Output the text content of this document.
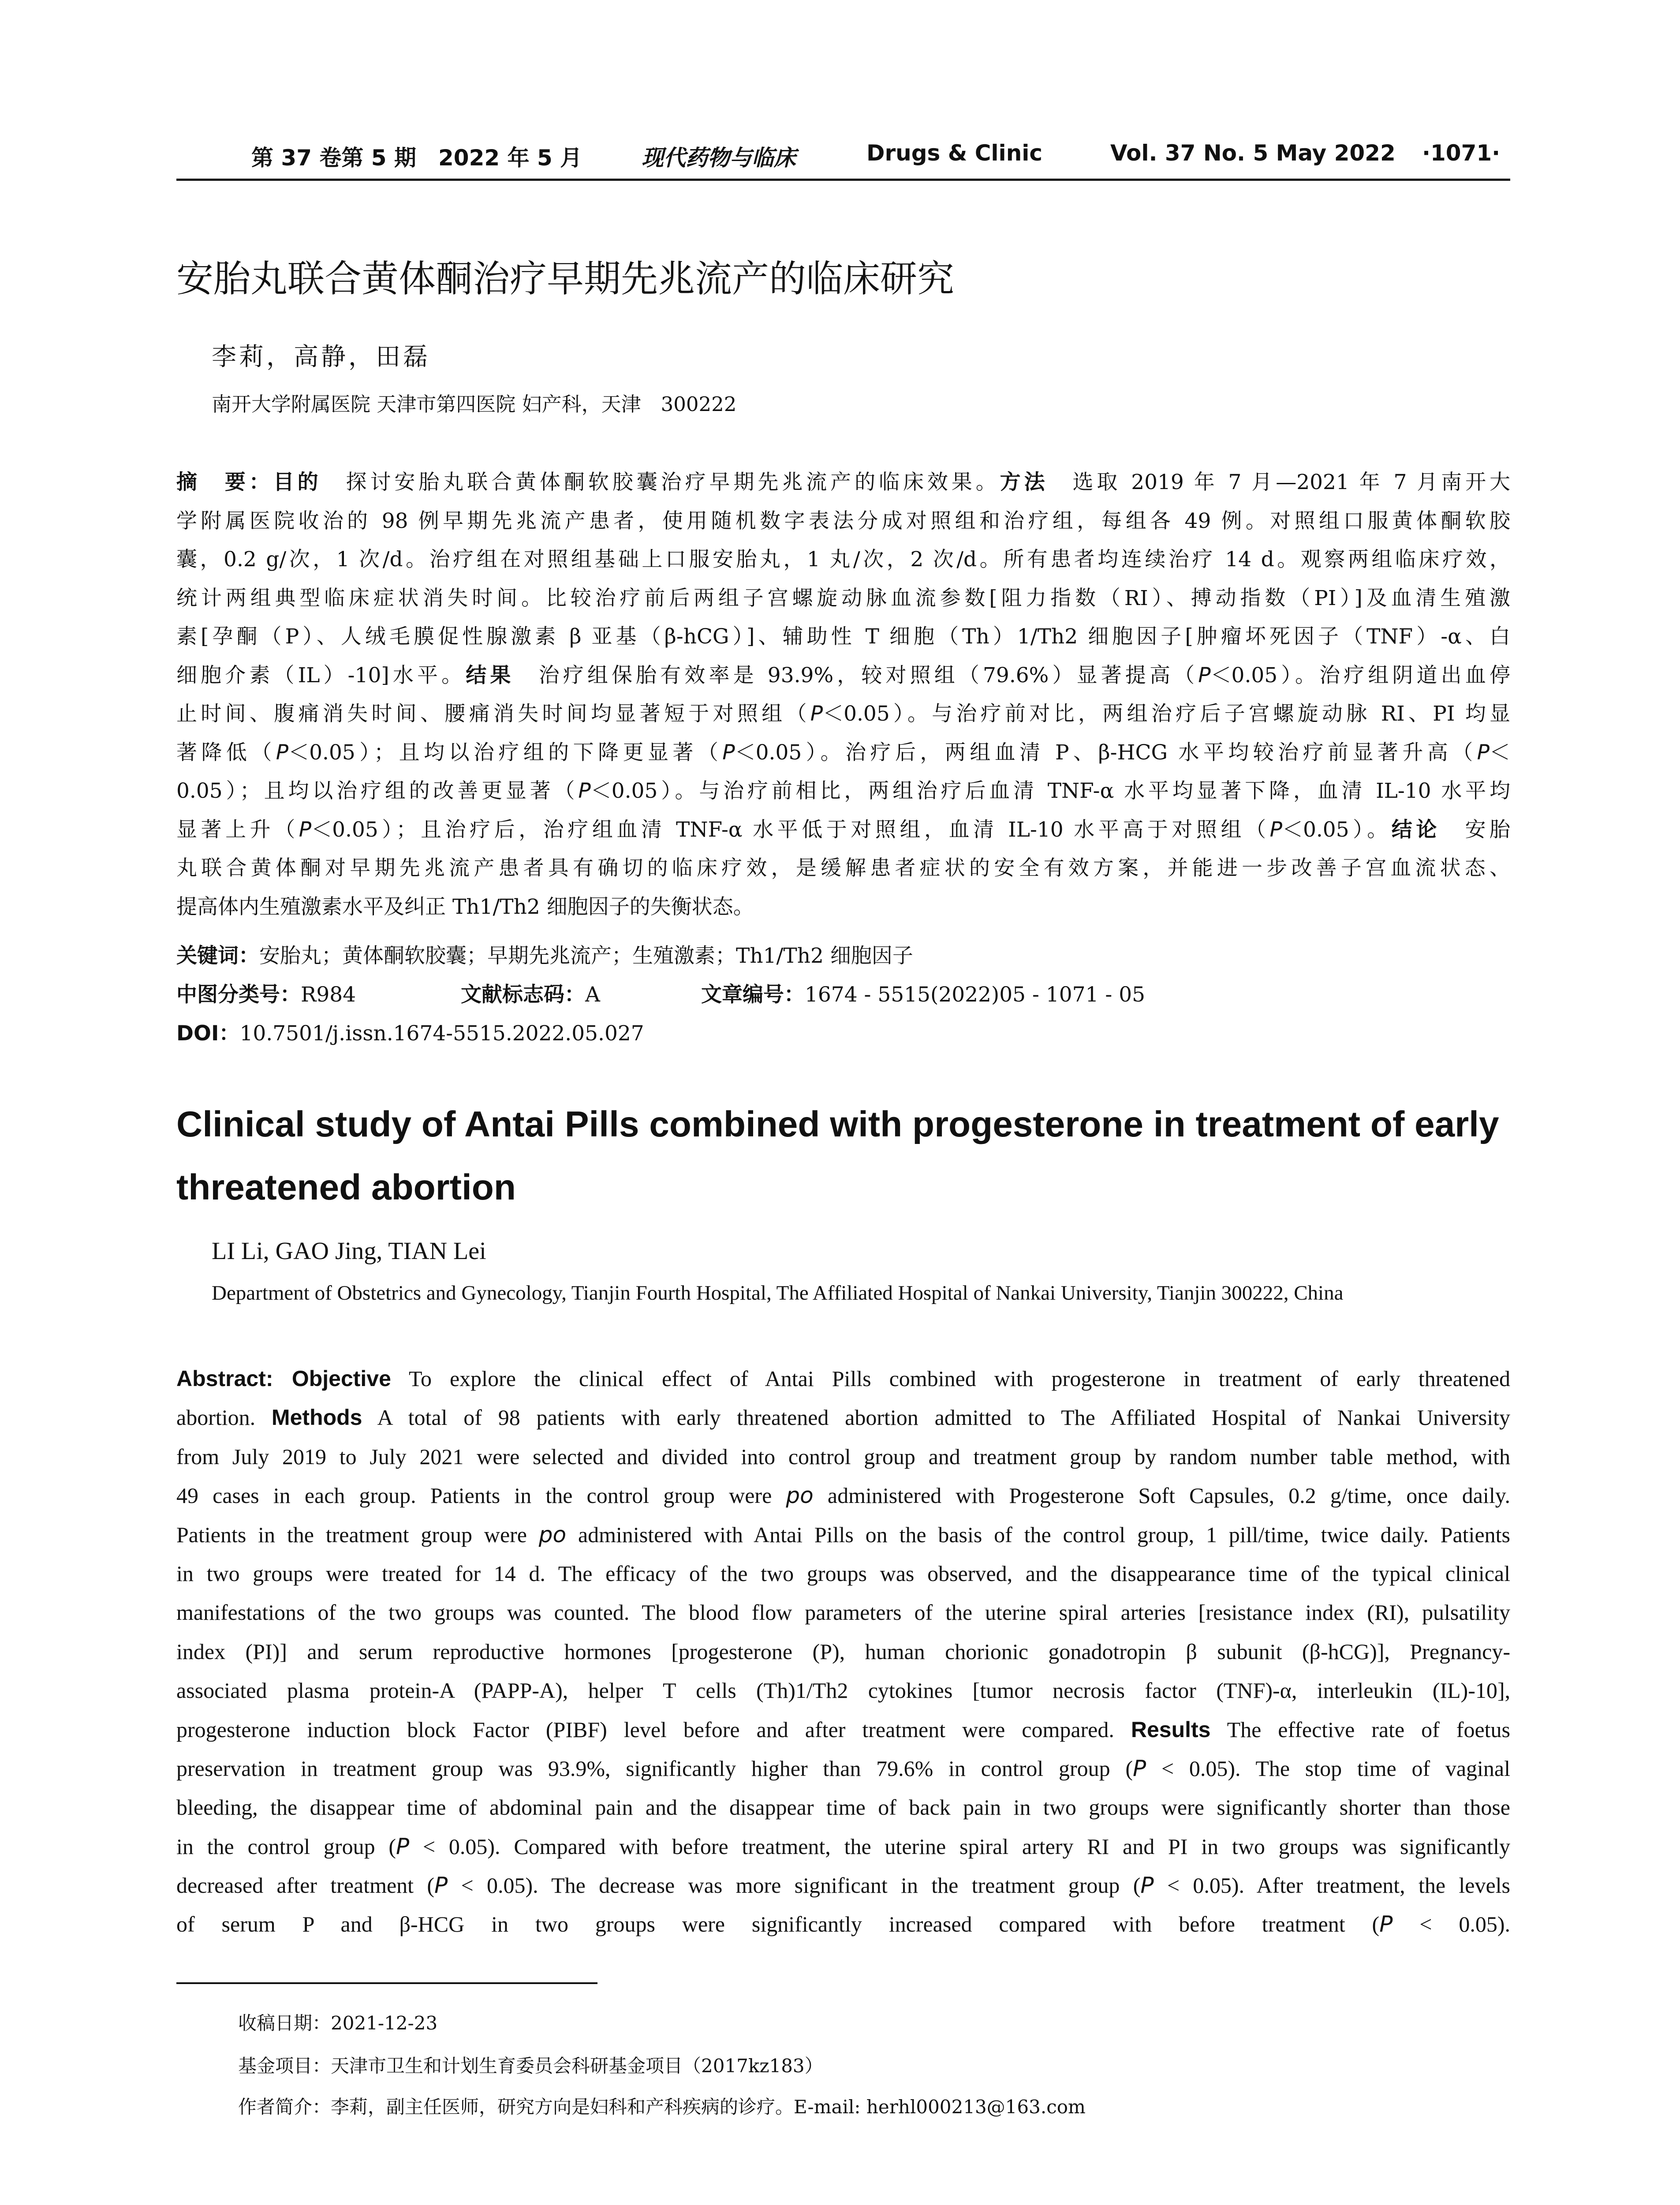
第 37 卷第 5 期　2022 年 5 月	现代药物与临床	Drugs & Clinic	Vol. 37 No. 5 May 2022 ·1071·
安胎丸联合黄体酮治疗早期先兆流产的临床研究
李莉，高静，田磊
南开大学附属医院 天津市第四医院 妇产科，天津　300222
摘　要：目的　探讨安胎丸联合黄体酮软胶囊治疗早期先兆流产的临床效果。方法　选取 2019 年 7 月—2021 年 7 月南开大
学附属医院收治的 98 例早期先兆流产患者，使用随机数字表法分成对照组和治疗组，每组各 49 例。对照组口服黄体酮软胶
囊，0.2 g/次，1 次/d。治疗组在对照组基础上口服安胎丸，1 丸/次，2 次/d。所有患者均连续治疗 14 d。观察两组临床疗效，
统计两组典型临床症状消失时间。比较治疗前后两组子宫螺旋动脉血流参数[阻力指数（RI）、搏动指数（PI）]及血清生殖激
素[孕酮（P）、人绒毛膜促性腺激素 β 亚基（β-hCG）]、辅助性 T 细胞（Th）1/Th2 细胞因子[肿瘤坏死因子（TNF）-α、白
细胞介素（IL）-10]水平。结果　治疗组保胎有效率是 93.9%，较对照组（79.6%）显著提高（P＜0.05）。治疗组阴道出血停
止时间、腹痛消失时间、腰痛消失时间均显著短于对照组（P＜0.05）。与治疗前对比，两组治疗后子宫螺旋动脉 RI、PI 均显
著降低（P＜0.05）；且均以治疗组的下降更显著（P＜0.05）。治疗后，两组血清 P、β-HCG 水平均较治疗前显著升高（P＜
0.05）；且均以治疗组的改善更显著（P＜0.05）。与治疗前相比，两组治疗后血清 TNF-α 水平均显著下降，血清 IL-10 水平均
显著上升（P＜0.05）；且治疗后，治疗组血清 TNF-α 水平低于对照组，血清 IL-10 水平高于对照组（P＜0.05）。结论　安胎
丸联合黄体酮对早期先兆流产患者具有确切的临床疗效，是缓解患者症状的安全有效方案，并能进一步改善子宫血流状态、
提高体内生殖激素水平及纠正 Th1/Th2 细胞因子的失衡状态。
关键词：安胎丸；黄体酮软胶囊；早期先兆流产；生殖激素；Th1/Th2 细胞因子
中图分类号：R984	文献标志码：A	文章编号：1674 - 5515(2022)05 - 1071 - 05
DOI：10.7501/j.issn.1674-5515.2022.05.027
Clinical study of Antai Pills combined with progesterone in treatment of early threatened abortion
LI Li, GAO Jing, TIAN Lei
Department of Obstetrics and Gynecology, Tianjin Fourth Hospital, The Affiliated Hospital of Nankai University, Tianjin 300222, China
Abstract: Objective To explore the clinical effect of Antai Pills combined with progesterone in treatment of early threatened
abortion. Methods A total of 98 patients with early threatened abortion admitted to The Affiliated Hospital of Nankai University
from July 2019 to July 2021 were selected and divided into control group and treatment group by random number table method, with
49 cases in each group. Patients in the control group were po administered with Progesterone Soft Capsules, 0.2 g/time, once daily.
Patients in the treatment group were po administered with Antai Pills on the basis of the control group, 1 pill/time, twice daily. Patients
in two groups were treated for 14 d. The efficacy of the two groups was observed, and the disappearance time of the typical clinical
manifestations of the two groups was counted. The blood flow parameters of the uterine spiral arteries [resistance index (RI), pulsatility
index (PI)] and serum reproductive hormones [progesterone (P), human chorionic gonadotropin β subunit (β-hCG)], Pregnancy-
associated plasma protein-A (PAPP-A), helper T cells (Th)1/Th2 cytokines [tumor necrosis factor (TNF)-α, interleukin (IL)-10],
progesterone induction block Factor (PIBF) level before and after treatment were compared. Results The effective rate of foetus
preservation in treatment group was 93.9%, significantly higher than 79.6% in control group (P < 0.05). The stop time of vaginal
bleeding, the disappear time of abdominal pain and the disappear time of back pain in two groups were significantly shorter than those
in the control group (P < 0.05). Compared with before treatment, the uterine spiral artery RI and PI in two groups was significantly
decreased after treatment (P < 0.05). The decrease was more significant in the treatment group (P < 0.05). After treatment, the levels
of serum P and β-HCG in two groups were significantly increased compared with before treatment (P < 0.05).
收稿日期：2021-12-23
基金项目：天津市卫生和计划生育委员会科研基金项目（2017kz183）
作者简介：李莉，副主任医师，研究方向是妇科和产科疾病的诊疗。E-mail: herhl000213@163.com
